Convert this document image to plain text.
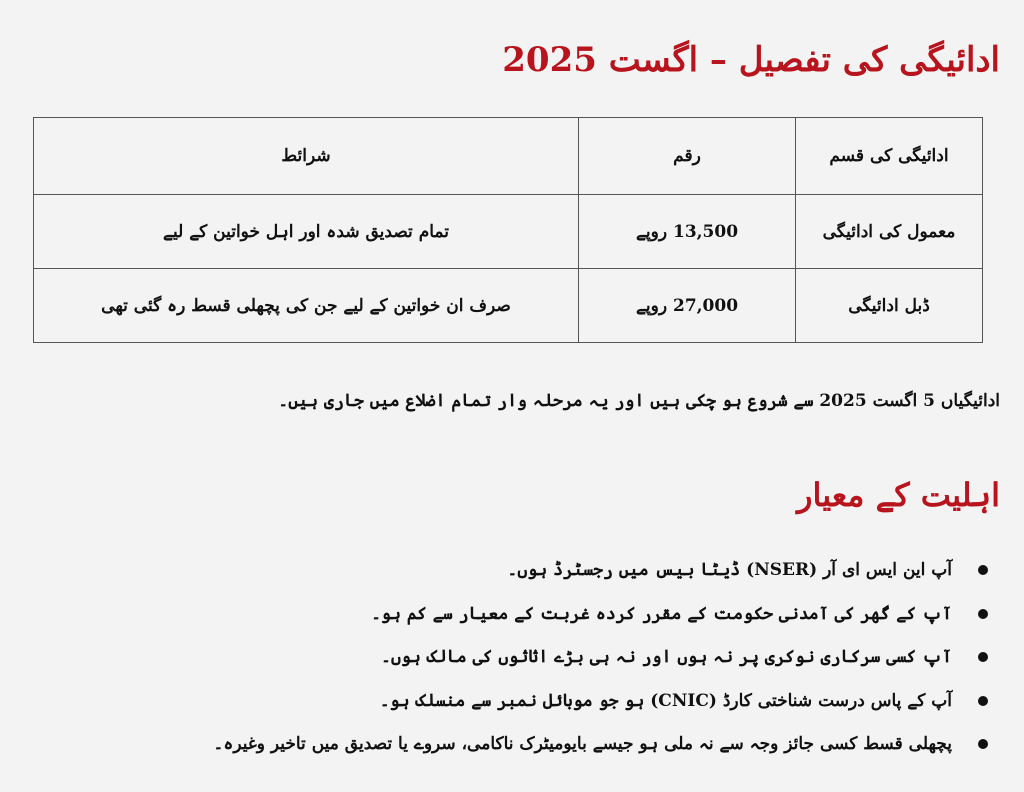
ادائیگی کی تفصیل – اگست 2025
ادائیگی کی قسم	رقم	شرائط
معمول کی ادائیگی	13,500 روپے	تمام تصدیق شدہ اور اہل خواتین کے لیے
ڈبل ادائیگی	27,000 روپے	صرف ان خواتین کے لیے جن کی پچھلی قسط رہ گئی تھی

ادائیگیاں 5 اگست 2025 سے شروع ہو چکی ہیں اور یہ مرحلہ وار تمام اضلاع میں جاری ہیں۔

اہلیت کے معیار
آپ این ایس ای آر (NSER) ڈیٹا بیس میں رجسٹرڈ ہوں۔
آپ کے گھر کی آمدنی حکومت کے مقرر کردہ غربت کے معیار سے کم ہو۔
آپ کسی سرکاری نوکری پر نہ ہوں اور نہ ہی بڑے اثاثوں کی مالک ہوں۔
آپ کے پاس درست شناختی کارڈ (CNIC) ہو جو موبائل نمبر سے منسلک ہو۔
پچھلی قسط کسی جائز وجہ سے نہ ملی ہو جیسے بایومیٹرک ناکامی، سروے یا تصدیق میں تاخیر وغیرہ۔
